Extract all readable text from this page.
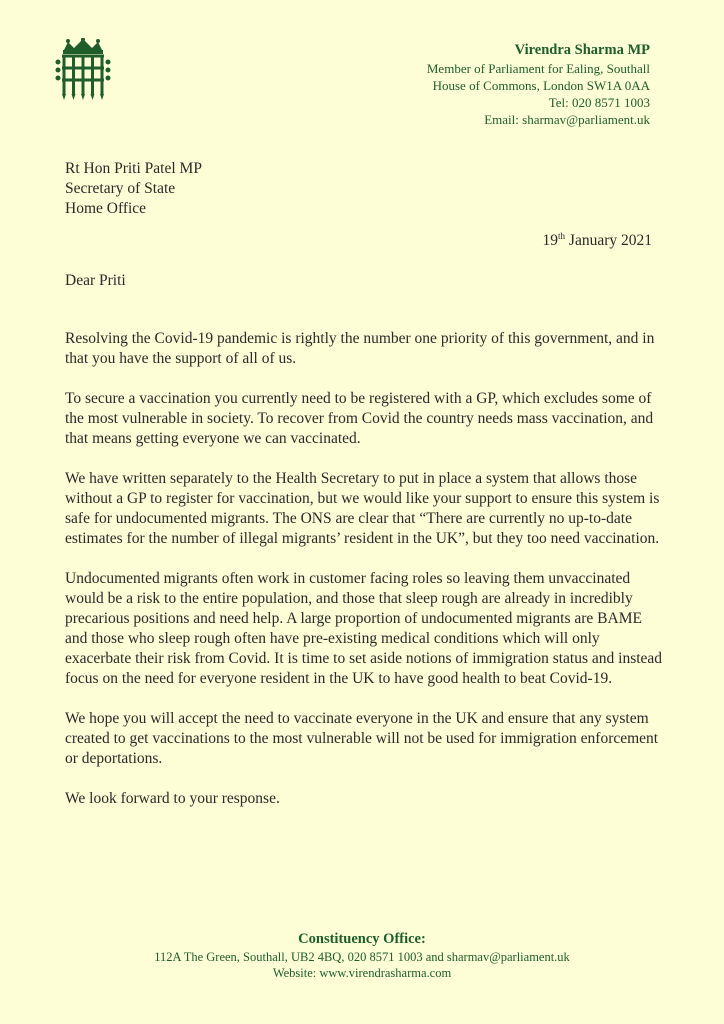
Virendra Sharma MP
Member of Parliament for Ealing, Southall
House of Commons, London SW1A 0AA
Tel: 020 8571 1003
Email: sharmav@parliament.uk
Rt Hon Priti Patel MP
Secretary of State
Home Office
19th January 2021
Dear Priti

Resolving the Covid-19 pandemic is rightly the number one priority of this government, and in that you have the support of all of us.

To secure a vaccination you currently need to be registered with a GP, which excludes some of the most vulnerable in society. To recover from Covid the country needs mass vaccination, and that means getting everyone we can vaccinated.

We have written separately to the Health Secretary to put in place a system that allows those without a GP to register for vaccination, but we would like your support to ensure this system is safe for undocumented migrants. The ONS are clear that “There are currently no up-to-date estimates for the number of illegal migrants’ resident in the UK”, but they too need vaccination.

Undocumented migrants often work in customer facing roles so leaving them unvaccinated would be a risk to the entire population, and those that sleep rough are already in incredibly precarious positions and need help. A large proportion of undocumented migrants are BAME and those who sleep rough often have pre-existing medical conditions which will only exacerbate their risk from Covid. It is time to set aside notions of immigration status and instead focus on the need for everyone resident in the UK to have good health to beat Covid-19.

We hope you will accept the need to vaccinate everyone in the UK and ensure that any system created to get vaccinations to the most vulnerable will not be used for immigration enforcement or deportations.

We look forward to your response.

Constituency Office:
112A The Green, Southall, UB2 4BQ, 020 8571 1003 and sharmav@parliament.uk
Website: www.virendrasharma.com
